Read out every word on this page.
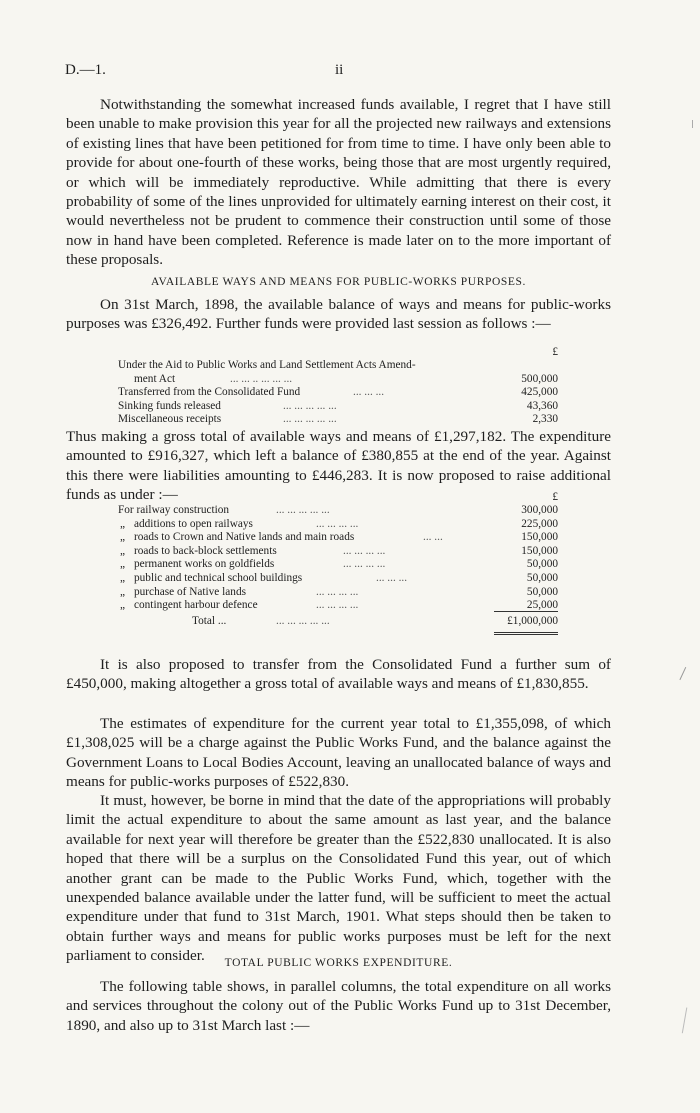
D.—1.	ii

Notwithstanding the somewhat increased funds available, I regret that I have still been unable to make provision this year for all the projected new railways and extensions of existing lines that have been petitioned for from time to time. I have only been able to provide for about one-fourth of these works, being those that are most urgently required, or which will be immediately reproductive. While admitting that there is every probability of some of the lines unprovided for ultimately earning interest on their cost, it would nevertheless not be prudent to commence their construction until some of those now in hand have been completed. Reference is made later on to the more important of these proposals.

AVAILABLE WAYS AND MEANS FOR PUBLIC-WORKS PURPOSES.

On 31st March, 1898, the available balance of ways and means for public-works purposes was £326,492. Further funds were provided last session as follows :—

£
Under the Aid to Public Works and Land Settlement Acts Amend-
ment Act	... ... .. ... ... ...	500,000
Transferred from the Consolidated Fund	... ... ...	425,000
Sinking funds released	... ... ... ... ...	43,360
Miscellaneous receipts	... ... ... ... ...	2,330

Thus making a gross total of available ways and means of £1,297,182. The expenditure amounted to £916,327, which left a balance of £380,855 at the end of the year. Against this there were liabilities amounting to £446,283. It is now proposed to raise additional funds as under :—	£
For railway construction	... ... ... ... ...	300,000
„ additions to open railways	... ... ... ...	225,000
„ roads to Crown and Native lands and main roads	... ...	150,000
„ roads to back-block settlements	... ... ... ...	150,000
„ permanent works on goldfields	... ... ... ...	50,000
„ public and technical school buildings	... ... ...	50,000
„ purchase of Native lands	... ... ... ...	50,000
„ contingent harbour defence	... ... ... ...	25,000
Total ...	... ... ... ... ...	£1,000,000

It is also proposed to transfer from the Consolidated Fund a further sum of £450,000, making altogether a gross total of available ways and means of £1,830,855.

The estimates of expenditure for the current year total to £1,355,098, of which £1,308,025 will be a charge against the Public Works Fund, and the balance against the Government Loans to Local Bodies Account, leaving an unallocated balance of ways and means for public-works purposes of £522,830.

It must, however, be borne in mind that the date of the appropriations will probably limit the actual expenditure to about the same amount as last year, and the balance available for next year will therefore be greater than the £522,830 unallocated. It is also hoped that there will be a surplus on the Consolidated Fund this year, out of which another grant can be made to the Public Works Fund, which, together with the unexpended balance available under the latter fund, will be sufficient to meet the actual expenditure under that fund to 31st March, 1901. What steps should then be taken to obtain further ways and means for public works purposes must be left for the next parliament to consider.	TOTAL PUBLIC WORKS EXPENDITURE.

The following table shows, in parallel columns, the total expenditure on all works and services throughout the colony out of the Public Works Fund up to 31st December, 1890, and also up to 31st March last :—
